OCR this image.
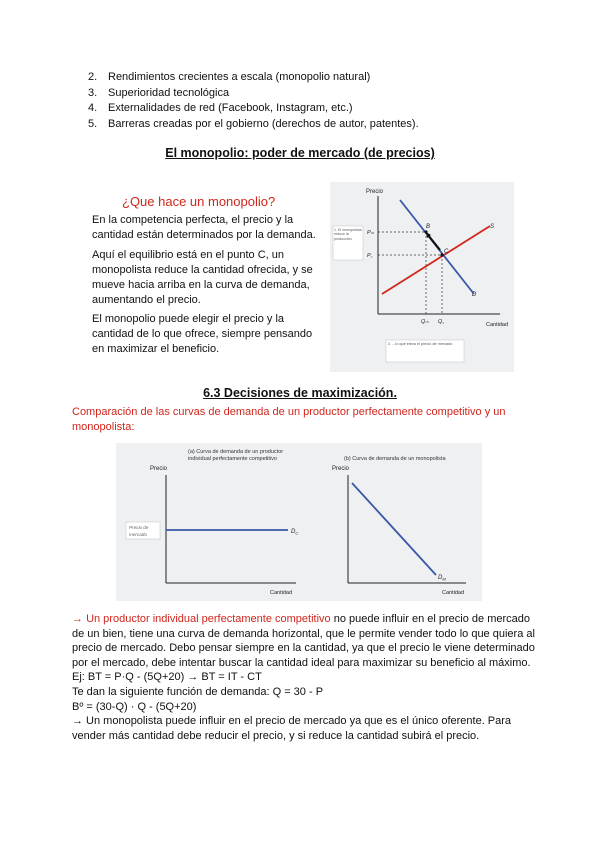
2. Rendimientos crecientes a escala (monopolio natural)
3. Superioridad tecnológica
4. Externalidades de red (Facebook, Instagram, etc.)
5. Barreras creadas por el gobierno (derechos de autor, patentes).
El monopolio: poder de mercado (de precios)
¿Que hace un monopolio?
En la competencia perfecta, el precio y la cantidad están determinados por la demanda.
Aquí el equilibrio está en el punto C, un monopolista reduce la cantidad ofrecida, y se mueve hacia arriba en la curva de demanda, aumentando el precio.
El monopolio puede elegir el precio y la cantidad de lo que ofrece, siempre pensando en maximizar el beneficio.
Precio
Cantidad
B
C
S
D
Pₘ
P꜀
Qₘ Q꜀
1. El monopolista reduce la producción
2. ...lo que eleva el precio de mercado
6.3 Decisiones de maximización.
Comparación de las curvas de demanda de un productor perfectamente competitivo y un monopolista:
(a) Curva de demanda de un productor
individual perfectamente competitivo
Precio
Cantidad
Precio de
mercado	$D_C$
(b) Curva de demanda de un monopolista
Precio
Cantidad
$D_M$
→ Un productor individual perfectamente competitivo no puede influir en el precio de mercado de un bien, tiene una curva de demanda horizontal, que le permite vender todo lo que quiera al precio de mercado. Debo pensar siempre en la cantidad, ya que el precio le viene determinado por el mercado, debe intentar buscar la cantidad ideal para maximizar su beneficio al máximo.
Ej: BT = P·Q - (5Q+20) → BT = IT - CT
Te dan la siguiente función de demanda: Q = 30 - P
Bº = (30-Q) · Q - (5Q+20)
→ Un monopolista puede influir en el precio de mercado ya que es el único oferente. Para vender más cantidad debe reducir el precio, y si reduce la cantidad subirá el precio.
